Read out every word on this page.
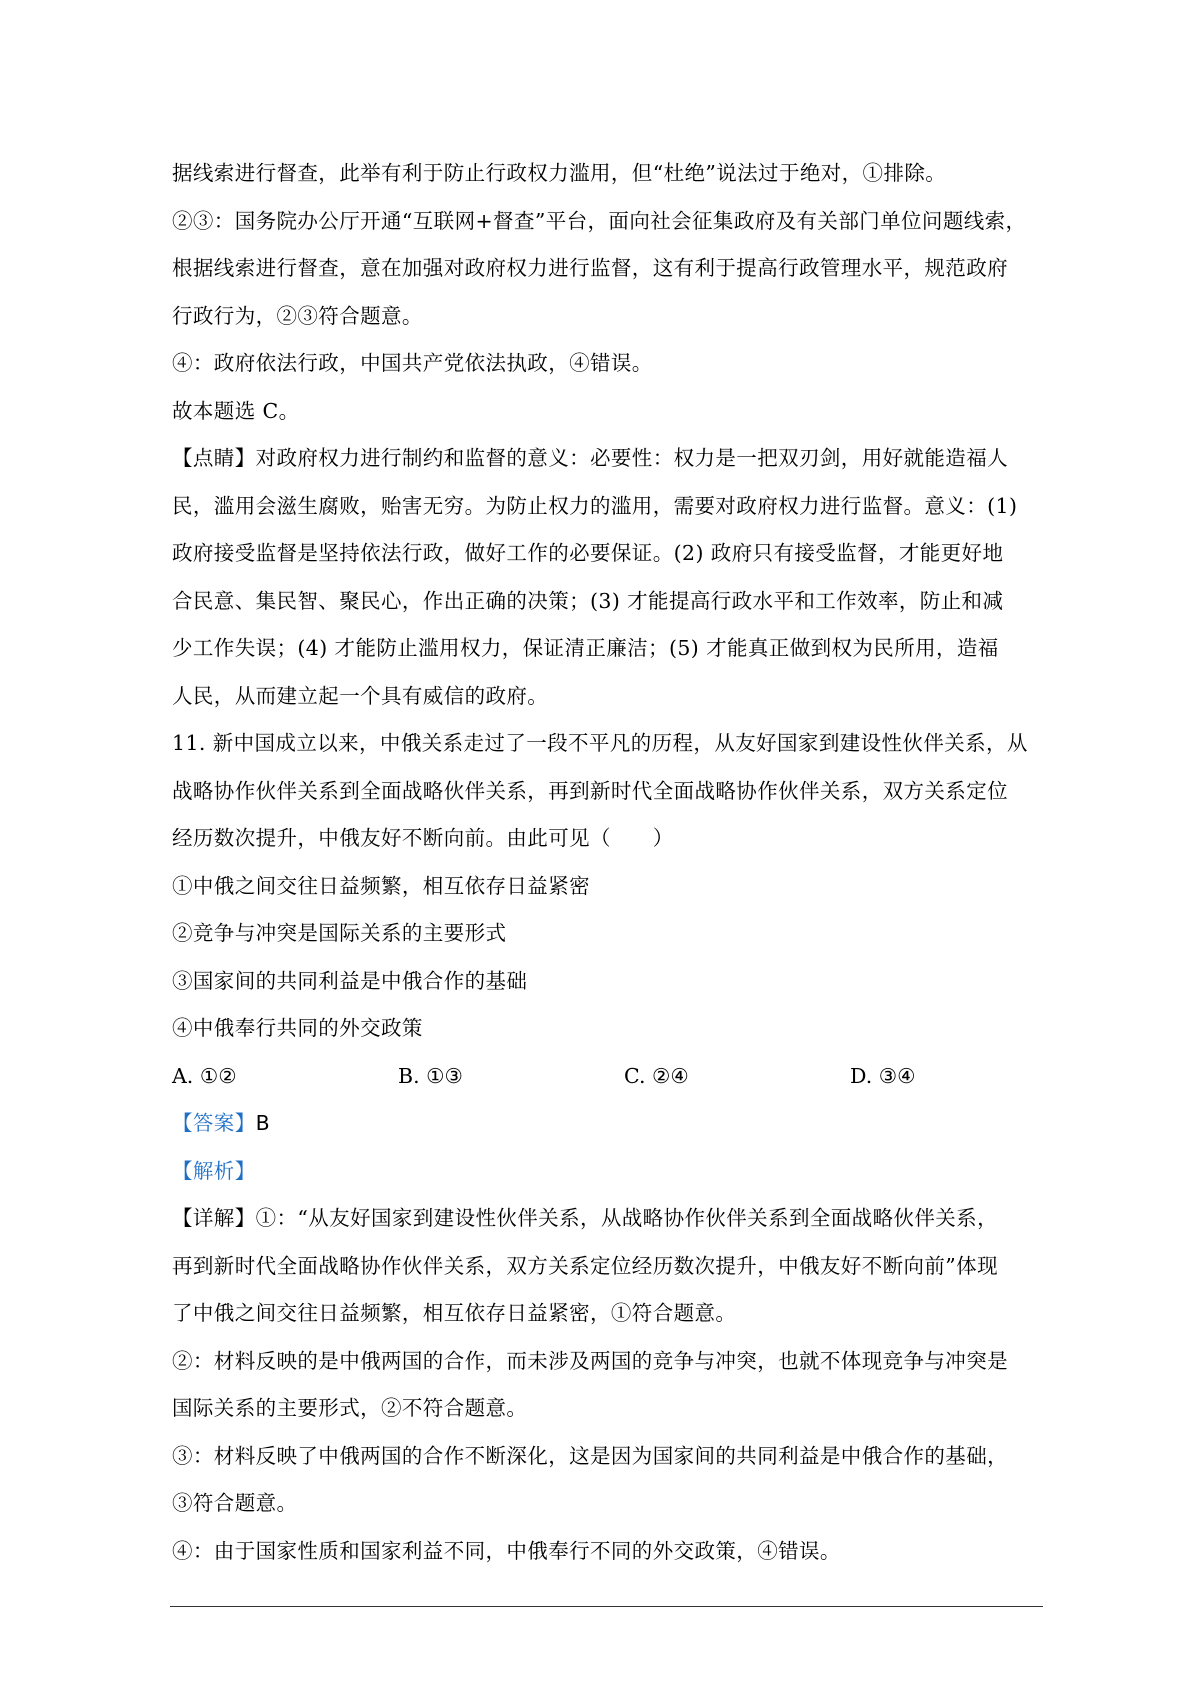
据线索进行督查，此举有利于防止行政权力滥用，但“杜绝”说法过于绝对，①排除。
②③：国务院办公厅开通“互联网+督查”平台，面向社会征集政府及有关部门单位问题线索，
根据线索进行督查，意在加强对政府权力进行监督，这有利于提高行政管理水平，规范政府
行政行为，②③符合题意。
④：政府依法行政，中国共产党依法执政，④错误。
故本题选 C。
【点睛】对政府权力进行制约和监督的意义：必要性：权力是一把双刃剑，用好就能造福人
民，滥用会滋生腐败，贻害无穷。为防止权力的滥用，需要对政府权力进行监督。意义：(1)
政府接受监督是坚持依法行政，做好工作的必要保证。(2) 政府只有接受监督，才能更好地
合民意、集民智、聚民心，作出正确的决策；(3) 才能提高行政水平和工作效率，防止和减
少工作失误；(4) 才能防止滥用权力，保证清正廉洁；(5) 才能真正做到权为民所用，造福
人民，从而建立起一个具有威信的政府。
11. 新中国成立以来，中俄关系走过了一段不平凡的历程，从友好国家到建设性伙伴关系，从
战略协作伙伴关系到全面战略伙伴关系，再到新时代全面战略协作伙伴关系，双方关系定位
经历数次提升，中俄友好不断向前。由此可见（　　）
①中俄之间交往日益频繁，相互依存日益紧密
②竞争与冲突是国际关系的主要形式
③国家间的共同利益是中俄合作的基础
④中俄奉行共同的外交政策
A. ①②	B. ①③	C. ②④	D. ③④
【答案】B
【解析】
【详解】①：“从友好国家到建设性伙伴关系，从战略协作伙伴关系到全面战略伙伴关系，
再到新时代全面战略协作伙伴关系，双方关系定位经历数次提升，中俄友好不断向前”体现
了中俄之间交往日益频繁，相互依存日益紧密，①符合题意。
②：材料反映的是中俄两国的合作，而未涉及两国的竞争与冲突，也就不体现竞争与冲突是
国际关系的主要形式，②不符合题意。
③：材料反映了中俄两国的合作不断深化，这是因为国家间的共同利益是中俄合作的基础，
③符合题意。
④：由于国家性质和国家利益不同，中俄奉行不同的外交政策，④错误。
